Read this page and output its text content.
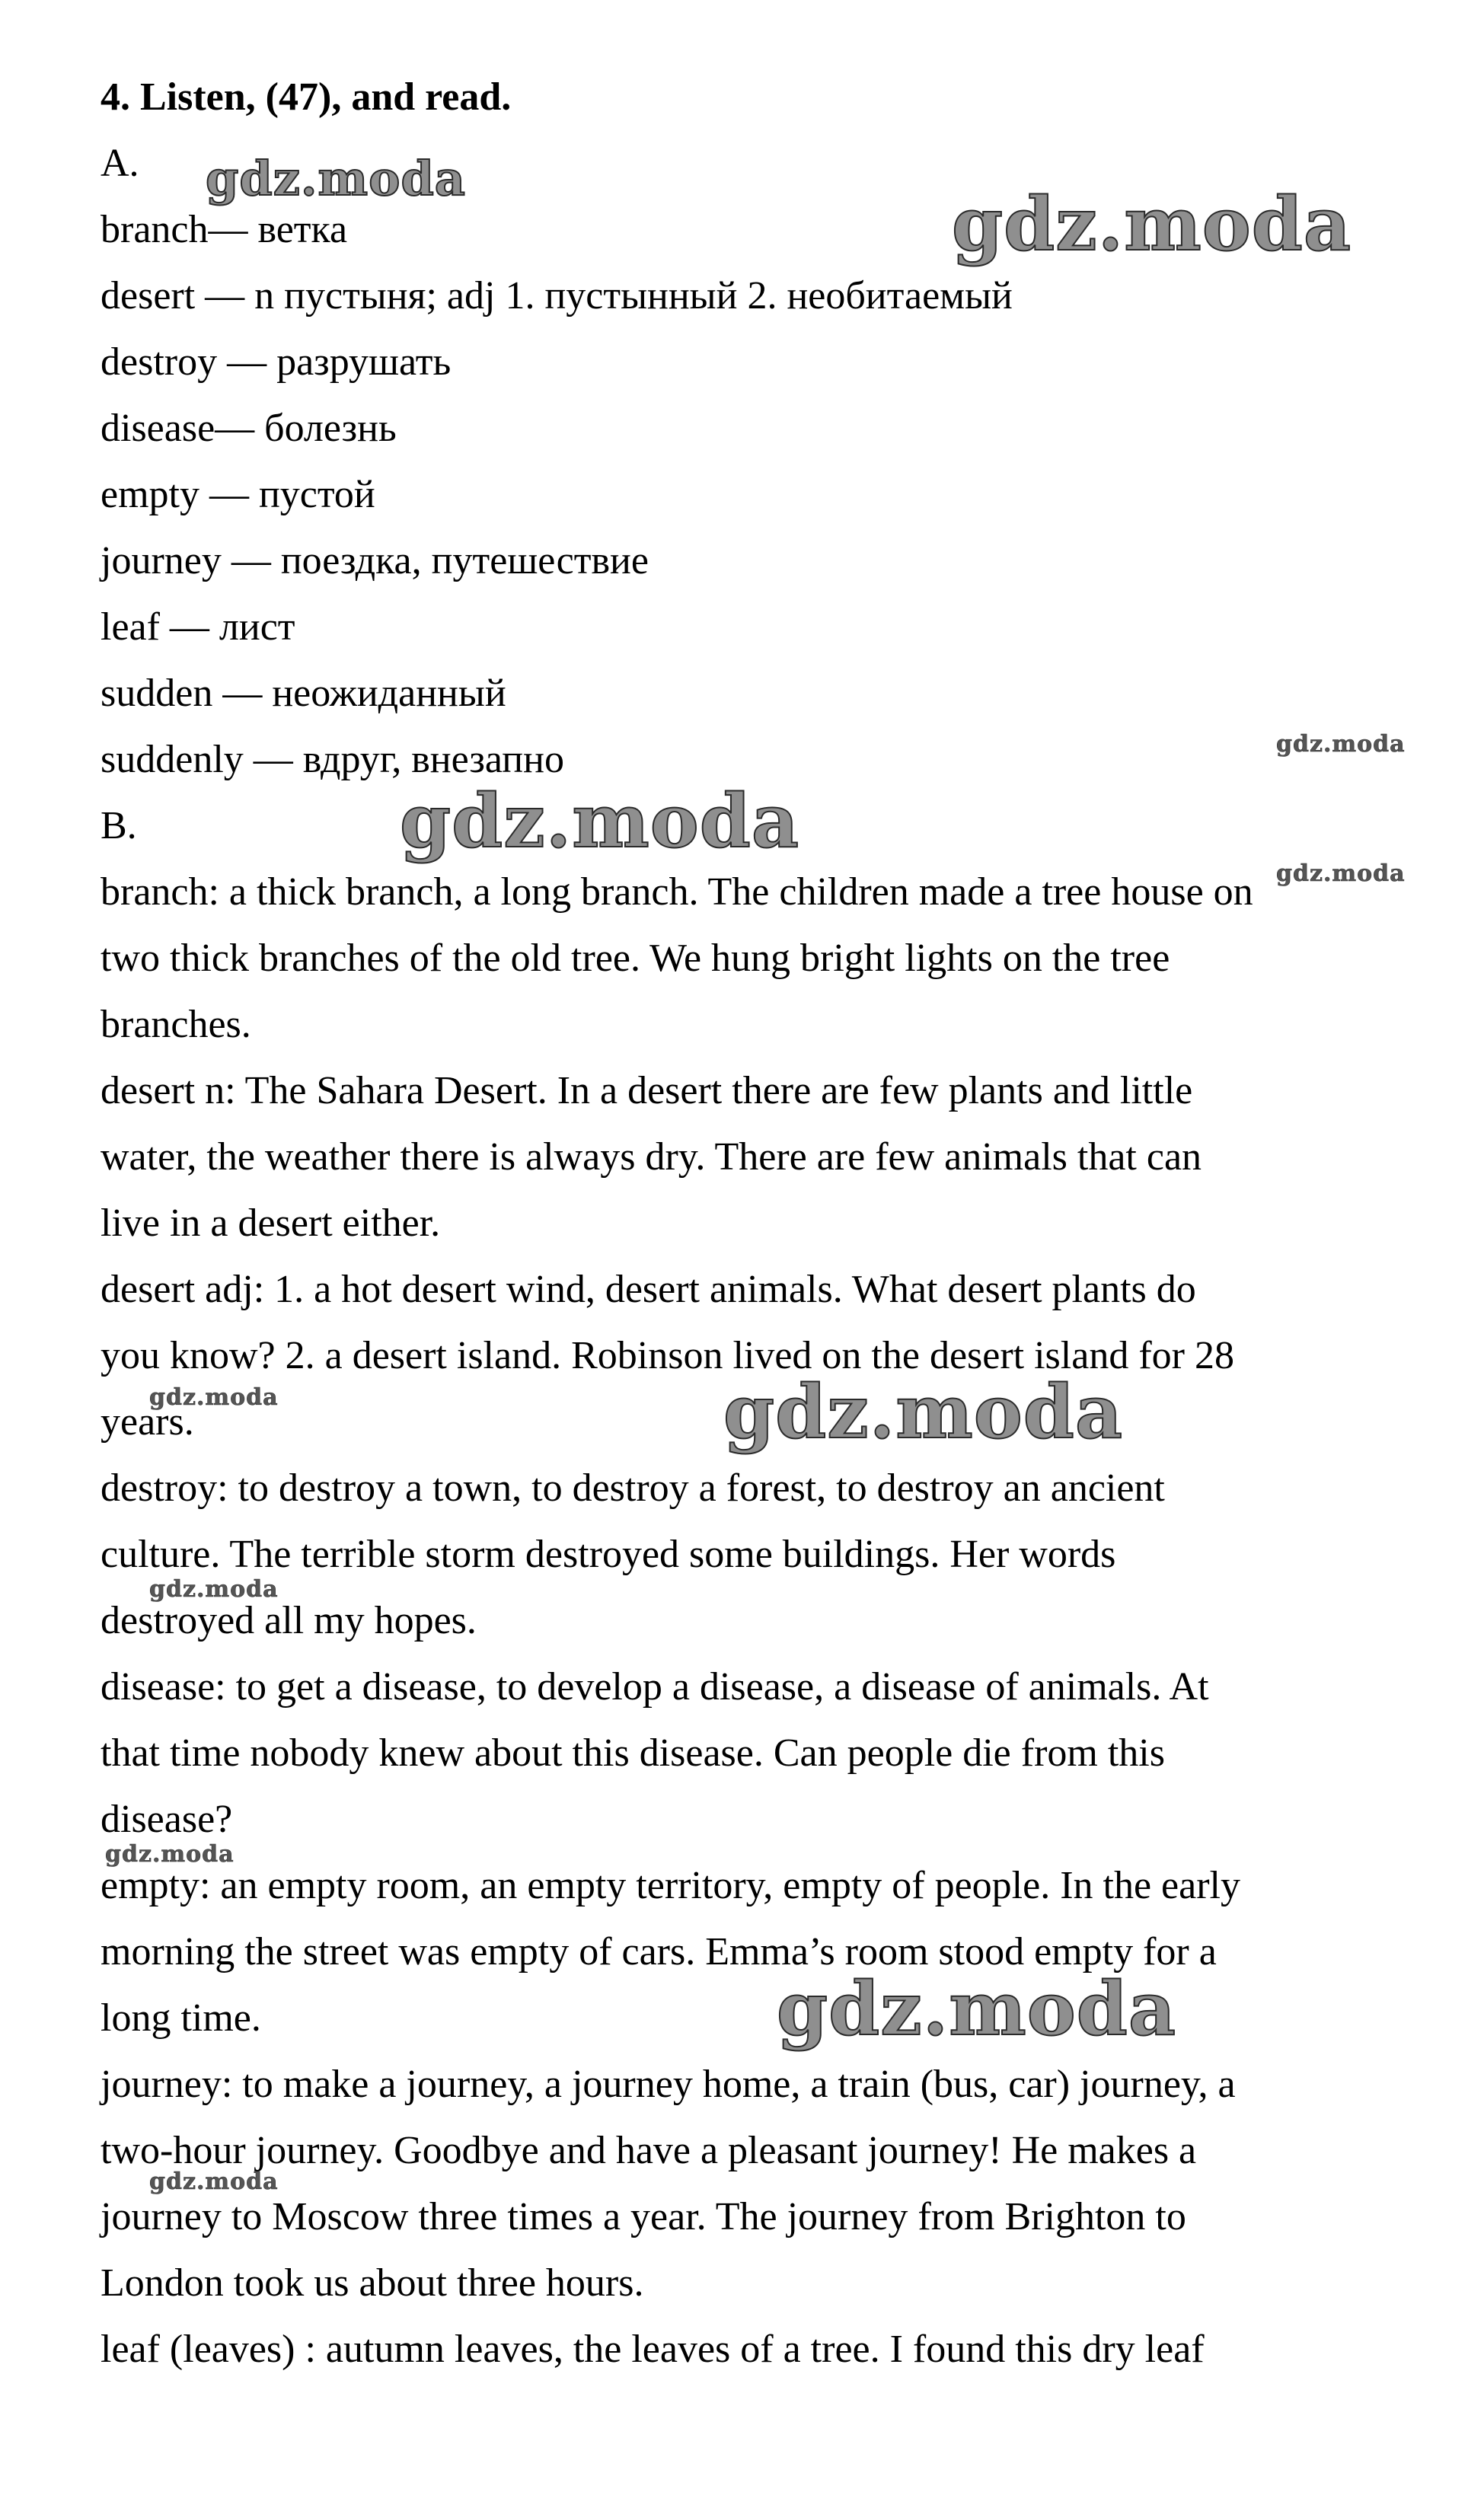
4. Listen, (47), and read.
A.
branch— ветка
desert — n пустыня; adj 1. пустынный 2. необитаемый
destroy — разрушать
disease— болезнь
empty — пустой
journey — поездка, путешествие
leaf — лист
sudden — неожиданный
suddenly — вдруг, внезапно
B.
branch: a thick branch, a long branch. The children made a tree house on
two thick branches of the old tree. We hung bright lights on the tree
branches.
desert n: The Sahara Desert. In a desert there are few plants and little
water, the weather there is always dry. There are few animals that can
live in a desert either.
desert adj: 1. a hot desert wind, desert animals. What desert plants do
you know? 2. a desert island. Robinson lived on the desert island for 28
years.
destroy: to destroy a town, to destroy a forest, to destroy an ancient
culture. The terrible storm destroyed some buildings. Her words
destroyed all my hopes.
disease: to get a disease, to develop a disease, a disease of animals. At
that time nobody knew about this disease. Can people die from this
disease?
empty: an empty room, an empty territory, empty of people. In the early
morning the street was empty of cars. Emma’s room stood empty for a
long time.
journey: to make a journey, a journey home, a train (bus, car) journey, a
two-hour journey. Goodbye and have a pleasant journey! He makes a
journey to Moscow three times a year. The journey from Brighton to
London took us about three hours.
leaf (leaves) : autumn leaves, the leaves of a tree. I found this dry leaf
gdz.moda
gdz.moda
gdz.moda
gdz.moda
gdz.moda
gdz.moda	gdz.moda
gdz.moda
gdz.moda
gdz.moda
gdz.moda
